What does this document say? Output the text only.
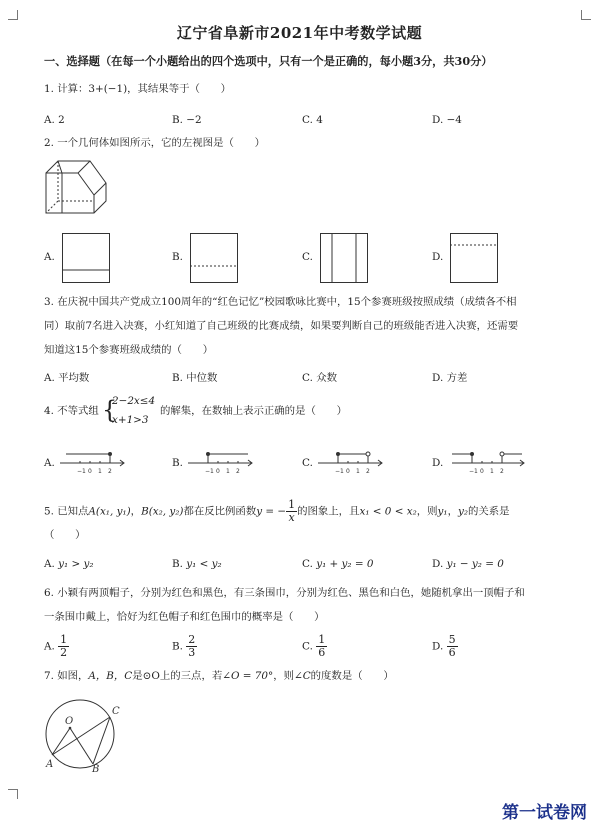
辽宁省阜新市2021年中考数学试题
一、选择题（在每一个小题给出的四个选项中，只有一个是正确的，每小题3分，共30分）
1. 计算：3+(−1)，其结果等于（　　）
A. 2	B. −2	C. 4	D. −4
2. 一个几何体如图所示，它的左视图是（　　）
A.	B.	C.	D.
3. 在庆祝中国共产党成立100周年的“红色记忆”校园歌咏比赛中，15个参赛班级按照成绩（成绩各不相
同）取前7名进入决赛，小红知道了自己班级的比赛成绩，如果要判断自己的班级能否进入决赛，还需要
知道这15个参赛班级成绩的（　　）
A. 平均数	B. 中位数	C. 众数	D. 方差
4. 不等式组 {
2−2x≤4
x+1>3
的解集，在数轴上表示正确的是（　　）
A.	B.	C.	D.
−1 0 1 2	−1 0 1 2	−1 0 1 2	−1 0 1 2
5. 已知点A(x₁, y₁)，B(x₂, y₂)都在反比例函数y = − $\frac{1}{x}$ 的图象上，且x₁ < 0 < x₂，则y₁，y₂的关系是
（　　）
A. y₁ > y₂	B. y₁ < y₂	C. y₁ + y₂ = 0	D. y₁ − y₂ = 0
6. 小颖有两顶帽子，分别为红色和黑色，有三条围巾，分别为红色、黑色和白色，她随机拿出一顶帽子和
一条围巾戴上，恰好为红色帽子和红色围巾的概率是（　　）
A. $\frac{1}{2}$	B. $\frac{2}{3}$	C. $\frac{1}{6}$	D. $\frac{5}{6}$
7. 如图，A，B，C是⊙O上的三点，若∠O = 70°，则∠C的度数是（　　）
O
C
A	B
第一试卷网
